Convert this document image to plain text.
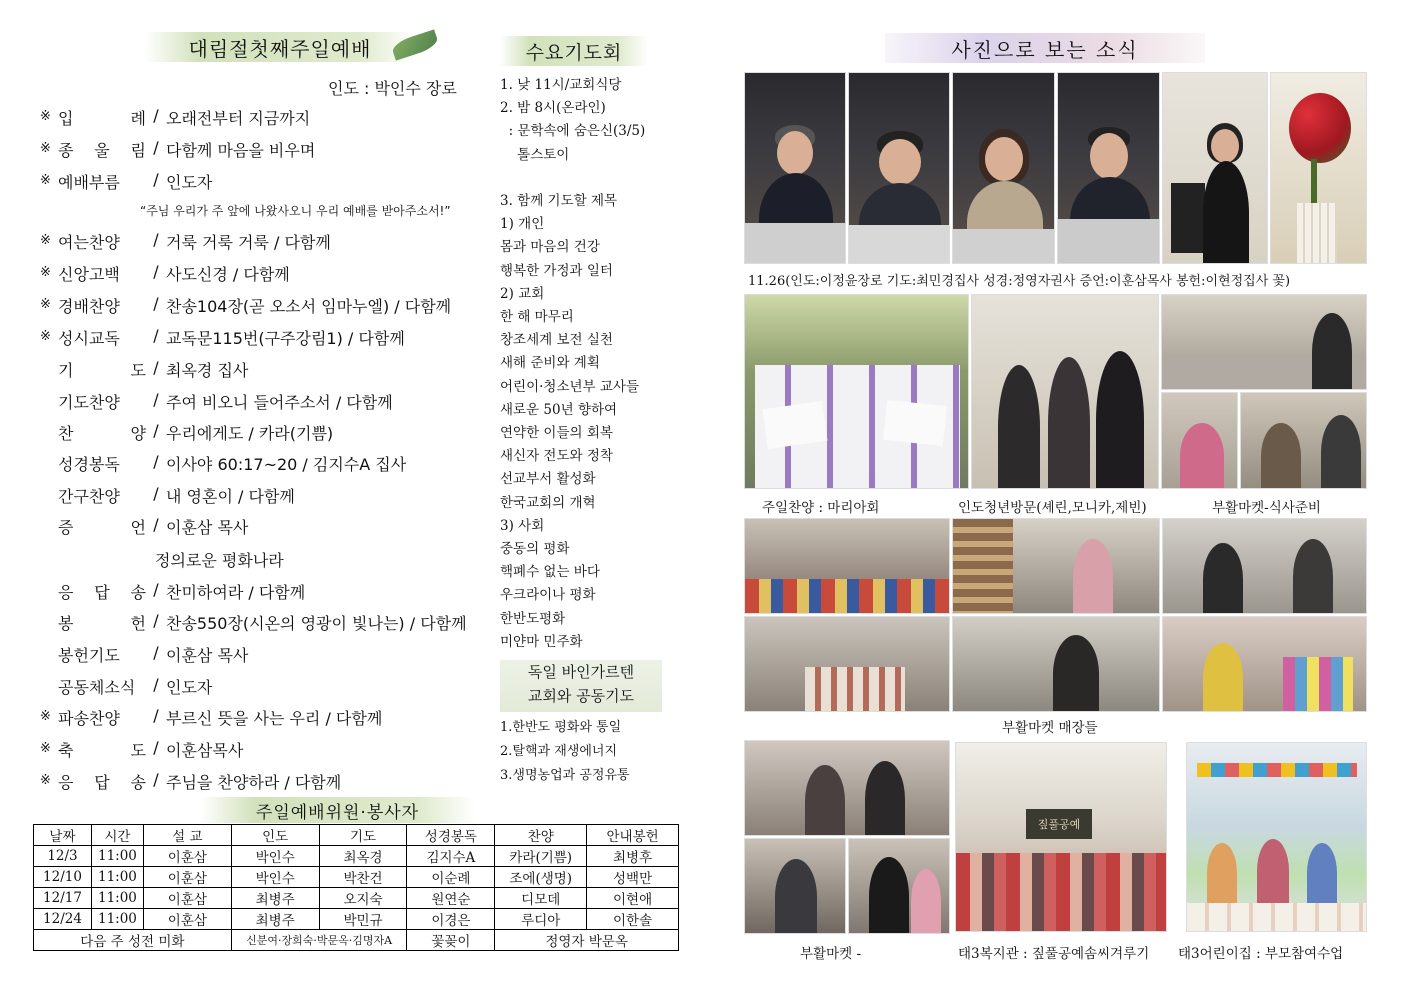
대림절첫째주일예배
인도 : 박인수 장로
※ 입 례 / 오래전부터 지금까지
※ 종 울 림 / 다함께 마음을 비우며
※ 예배부름	/ 인도자
※ 여는찬양	/ 거룩 거룩 거룩 / 다함께
※ 신앙고백	/ 사도신경 / 다함께
※ 경배찬양	/ 찬송104장(곧 오소서 임마누엘) / 다함께
※ 성시교독	/ 교독문115번(구주강림1) / 다함께
기 도 / 최옥경 집사
기도찬양	/ 주여 비오니 들어주소서 / 다함께
찬 양 / 우리에게도 / 카라(기쁨)
성경봉독	/ 이사야 60:17~20 / 김지수A 집사
간구찬양	/ 내 영혼이 / 다함께
증 언 / 이훈삼 목사
응 답 송 / 찬미하여라 / 다함께
봉 헌 / 찬송550장(시온의 영광이 빛나는) / 다함께
봉헌기도	/ 이훈삼 목사
공동체소식	/ 인도자
※ 파송찬양	/ 부르신 뜻을 사는 우리 / 다함께
※ 축 도 / 이훈삼목사
※ 응 답 송 / 주님을 찬양하라 / 다함께
“주님 우리가 주 앞에 나왔사오니 우리 예배를 받아주소서!”
정의로운 평화나라
주일예배위원·봉사자
날짜	시간	설 교	인도	기도	성경봉독	찬양	안내봉헌
12/3	11:00	이훈삼	박인수	최옥경	김지수A	카라(기쁨)	최병후
12/10	11:00	이훈삼	박인수	박찬건	이순례	조에(생명)	성백만
12/17	11:00	이훈삼	최병주	오지숙	원연순	디모데	이현애
12/24	11:00	이훈삼	최병주	박민규	이경은	루디아	이한솔
다음 주 성전 미화			신분여·장희숙·박문옥·김명자A		꽃꽂이	정영자 박문옥	
수요기도회
1. 낮 11시/교회식당
2. 밤 8시(온라인)
: 문학속에 숨은신(3/5)
톨스토이
3. 함께 기도할 제목
1) 개인
몸과 마음의 건강
행복한 가정과 일터
2) 교회
한 해 마무리
창조세계 보전 실천
새해 준비와 계획
어린이·청소년부 교사들
새로운 50년 향하여
연약한 이들의 회복
새신자 전도와 정착
선교부서 활성화
한국교회의 개혁
3) 사회
중동의 평화
핵폐수 없는 바다
우크라이나 평화
한반도평화
미얀마 민주화
독일 바인가르텐
교회와 공동기도
1.한반도 평화와 통일
2.탈핵과 재생에너지
3.생명농업과 공정유통
사진으로 보는 소식
11.26(인도:이정윤장로 기도:최민경집사 성경:정영자권사 증언:이훈삼목사 봉헌:이현정집사 꽃)
주일찬양 : 마리아회	인도청년방문(셰린,모니카,제빈)	부활마켓-식사준비
부활마켓 매장들
짚풀공예
부활마켓 -	태3복지관 : 짚풀공예솜씨겨루기 태3어린이집 : 부모참여수업
